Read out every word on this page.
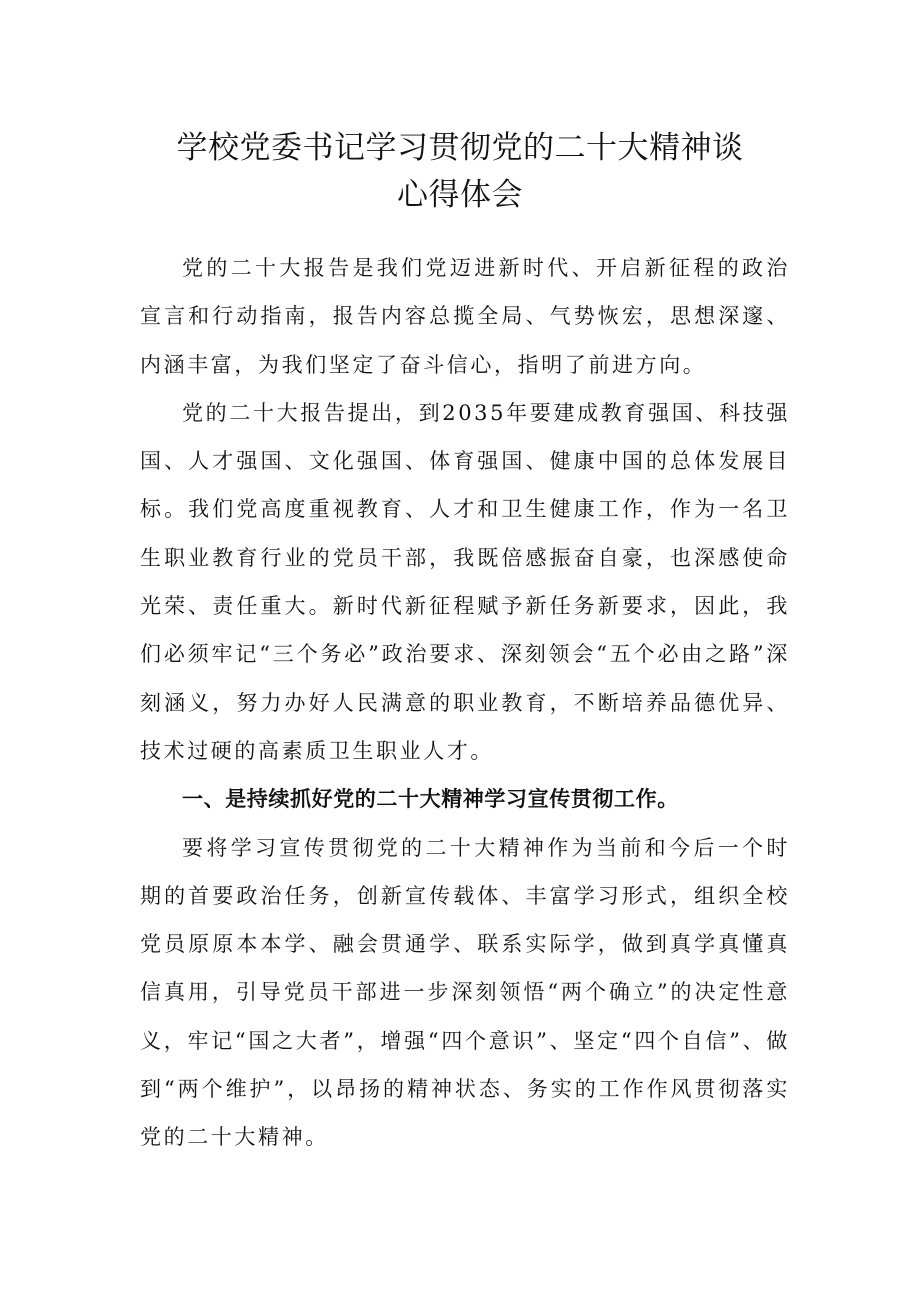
学校党委书记学习贯彻党的二十大精神谈
心得体会

党的二十大报告是我们党迈进新时代、开启新征程的政治宣言和行动指南，报告内容总揽全局、气势恢宏，思想深邃、内涵丰富，为我们坚定了奋斗信心，指明了前进方向。

党的二十大报告提出，到2035年要建成教育强国、科技强国、人才强国、文化强国、体育强国、健康中国的总体发展目标。我们党高度重视教育、人才和卫生健康工作，作为一名卫生职业教育行业的党员干部，我既倍感振奋自豪，也深感使命光荣、责任重大。新时代新征程赋予新任务新要求，因此，我们必须牢记“三个务必”政治要求、深刻领会“五个必由之路”深刻涵义，努力办好人民满意的职业教育，不断培养品德优异、技术过硬的高素质卫生职业人才。

一、是持续抓好党的二十大精神学习宣传贯彻工作。

要将学习宣传贯彻党的二十大精神作为当前和今后一个时期的首要政治任务，创新宣传载体、丰富学习形式，组织全校党员原原本本学、融会贯通学、联系实际学，做到真学真懂真信真用，引导党员干部进一步深刻领悟“两个确立”的决定性意义，牢记“国之大者”，增强“四个意识”、坚定“四个自信”、做到“两个维护”，以昂扬的精神状态、务实的工作作风贯彻落实党的二十大精神。
